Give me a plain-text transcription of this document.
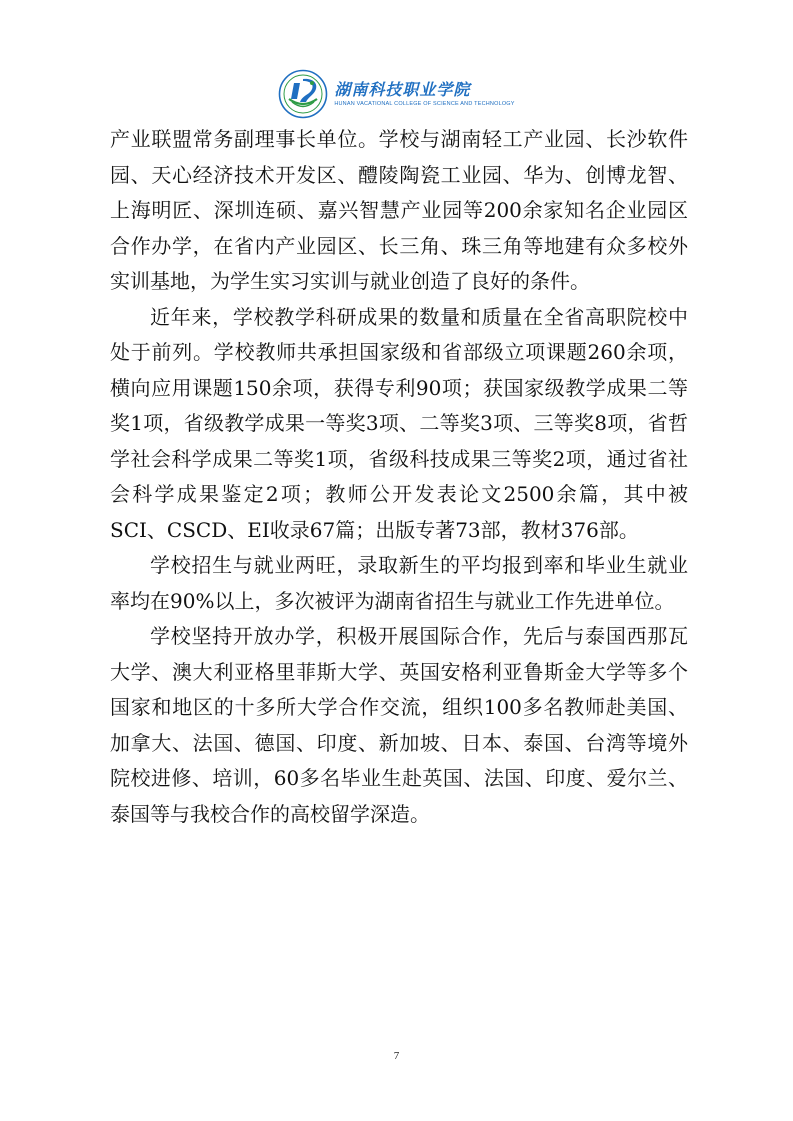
湖南科技职业学院
HUNAN VACATIONAL COLLEGE OF SCIENCE AND TECHNOLOGY

产业联盟常务副理事长单位。学校与湖南轻工产业园、长沙软件园、天心经济技术开发区、醴陵陶瓷工业园、华为、创博龙智、上海明匠、深圳连硕、嘉兴智慧产业园等200余家知名企业园区合作办学，在省内产业园区、长三角、珠三角等地建有众多校外实训基地，为学生实习实训与就业创造了良好的条件。

近年来，学校教学科研成果的数量和质量在全省高职院校中处于前列。学校教师共承担国家级和省部级立项课题260余项，横向应用课题150余项，获得专利90项；获国家级教学成果二等奖1项，省级教学成果一等奖3项、二等奖3项、三等奖8项，省哲学社会科学成果二等奖1项，省级科技成果三等奖2项，通过省社会科学成果鉴定2项；教师公开发表论文2500余篇，其中被SCI、CSCD、EI收录67篇；出版专著73部，教材376部。

学校招生与就业两旺，录取新生的平均报到率和毕业生就业率均在90%以上，多次被评为湖南省招生与就业工作先进单位。

学校坚持开放办学，积极开展国际合作，先后与泰国西那瓦大学、澳大利亚格里菲斯大学、英国安格利亚鲁斯金大学等多个国家和地区的十多所大学合作交流，组织100多名教师赴美国、加拿大、法国、德国、印度、新加坡、日本、泰国、台湾等境外院校进修、培训，60多名毕业生赴英国、法国、印度、爱尔兰、泰国等与我校合作的高校留学深造。

7
